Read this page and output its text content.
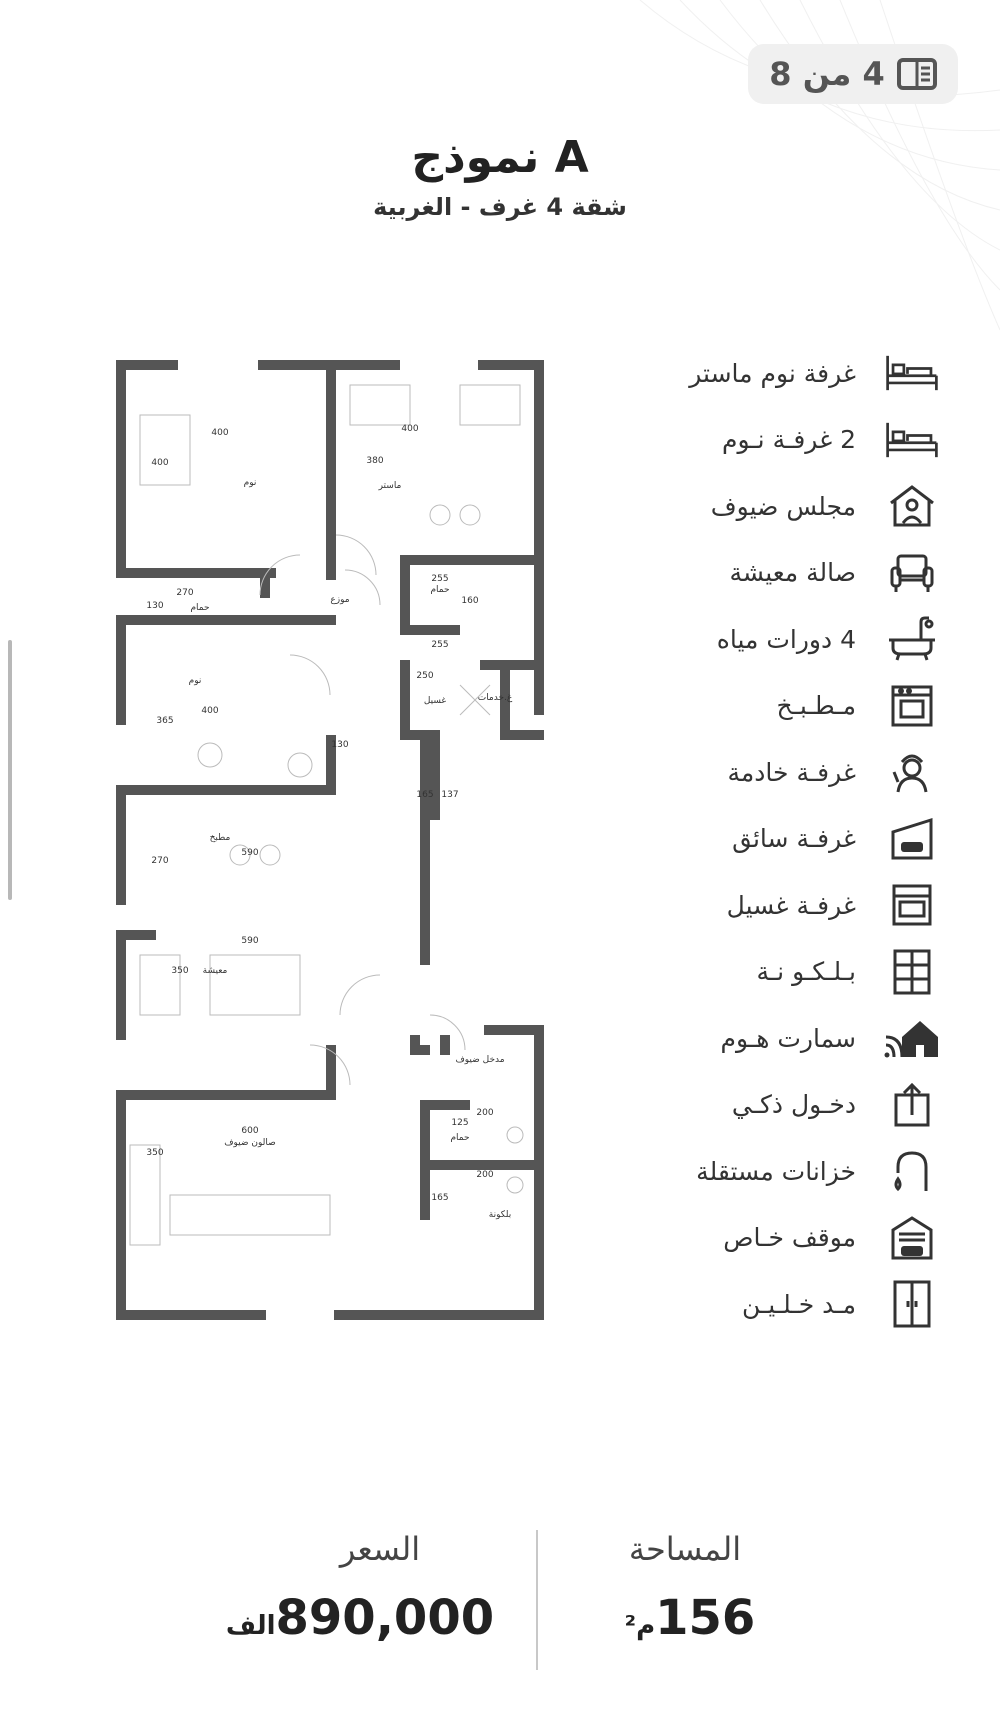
4 من 8
نموذج A
شقة 4 غرف - الغربية
400
400
نوم
400
380
ماستر
270
130	حمام
255
حمام
160
موزع
255
250
غسيل	غ.خدمات
نوم
365
400
130
165 137
مطبخ
270
590
590
350 معيشة
مدخل ضيوف
600
صالون ضيوف
350
200
125
حمام
200
165
بلكونة
غرفة نوم ماستر
2 غرفـة نـوم
مجلس ضيوف
صالة معيشة
4 دورات مياه
مـطـبـخ
غرفـة خادمة
غرفـة سائق
غرفـة غسيل
بـلـكـو نـة
سمارت هـوم
دخـول ذكـي
خزانات مستقلة
موقف خـاص
مـد خـلـيـن
المساحة
156م²
السعر
890,000الف
